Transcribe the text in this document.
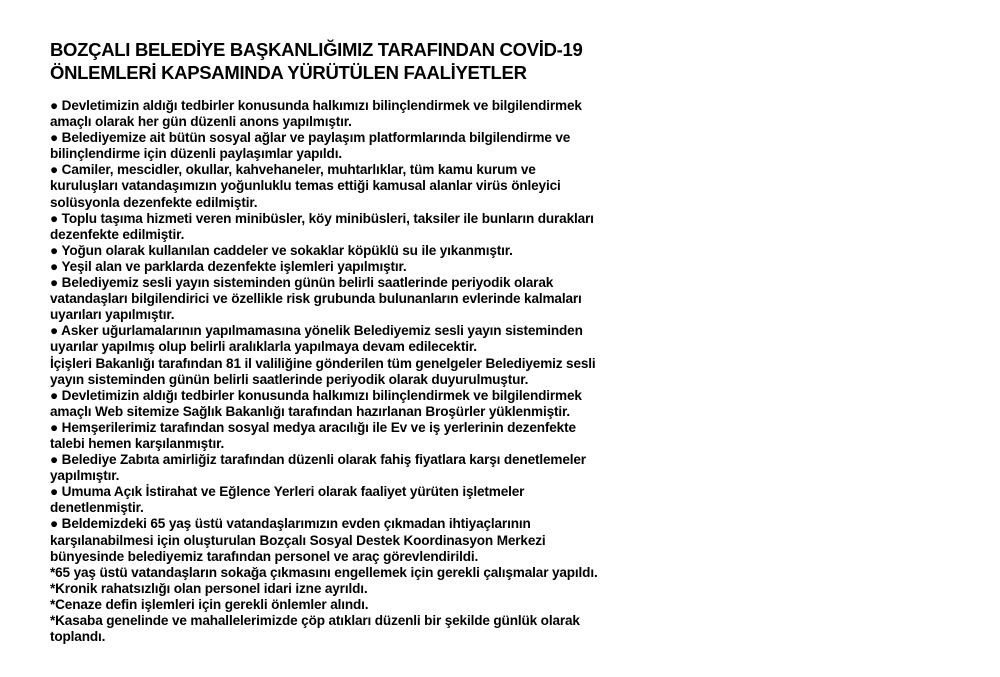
BOZÇALI BELEDİYE BAŞKANLIĞIMIZ TARAFINDAN COVİD-19
ÖNLEMLERİ KAPSAMINDA YÜRÜTÜLEN FAALİYETLER
● Devletimizin aldığı tedbirler konusunda halkımızı bilinçlendirmek ve bilgilendirmek
amaçlı olarak her gün düzenli anons yapılmıştır.
● Belediyemize ait bütün sosyal ağlar ve paylaşım platformlarında bilgilendirme ve
bilinçlendirme için düzenli paylaşımlar yapıldı.
● Camiler, mescidler, okullar, kahvehaneler, muhtarlıklar, tüm kamu kurum ve
kuruluşları vatandaşımızın yoğunluklu temas ettiği kamusal alanlar virüs önleyici
solüsyonla dezenfekte edilmiştir.
● Toplu taşıma hizmeti veren minibüsler, köy minibüsleri, taksiler ile bunların durakları
dezenfekte edilmiştir.
● Yoğun olarak kullanılan caddeler ve sokaklar köpüklü su ile yıkanmıştır.
● Yeşil alan ve parklarda dezenfekte işlemleri yapılmıştır.
● Belediyemiz sesli yayın sisteminden günün belirli saatlerinde periyodik olarak
vatandaşları bilgilendirici ve özellikle risk grubunda bulunanların evlerinde kalmaları
uyarıları yapılmıştır.
● Asker uğurlamalarının yapılmamasına yönelik Belediyemiz sesli yayın sisteminden
uyarılar yapılmış olup belirli aralıklarla yapılmaya devam edilecektir.
İçişleri Bakanlığı tarafından 81 il valiliğine gönderilen tüm genelgeler Belediyemiz sesli
yayın sisteminden günün belirli saatlerinde periyodik olarak duyurulmuştur.
● Devletimizin aldığı tedbirler konusunda halkımızı bilinçlendirmek ve bilgilendirmek
amaçlı Web sitemize Sağlık Bakanlığı tarafından hazırlanan Broşürler yüklenmiştir.
● Hemşerilerimiz tarafından sosyal medya aracılığı ile Ev ve iş yerlerinin dezenfekte
talebi hemen karşılanmıştır.
● Belediye Zabıta amirliğiz tarafından düzenli olarak fahiş fiyatlara karşı denetlemeler
yapılmıştır.
● Umuma Açık İstirahat ve Eğlence Yerleri olarak faaliyet yürüten işletmeler
denetlenmiştir.
● Beldemizdeki 65 yaş üstü vatandaşlarımızın evden çıkmadan ihtiyaçlarının
karşılanabilmesi için oluşturulan Bozçalı Sosyal Destek Koordinasyon Merkezi
bünyesinde belediyemiz tarafından personel ve araç görevlendirildi.
*65 yaş üstü vatandaşların sokağa çıkmasını engellemek için gerekli çalışmalar yapıldı.
*Kronik rahatsızlığı olan personel idari izne ayrıldı.
*Cenaze defin işlemleri için gerekli önlemler alındı.
*Kasaba genelinde ve mahallelerimizde çöp atıkları düzenli bir şekilde günlük olarak
toplandı.
